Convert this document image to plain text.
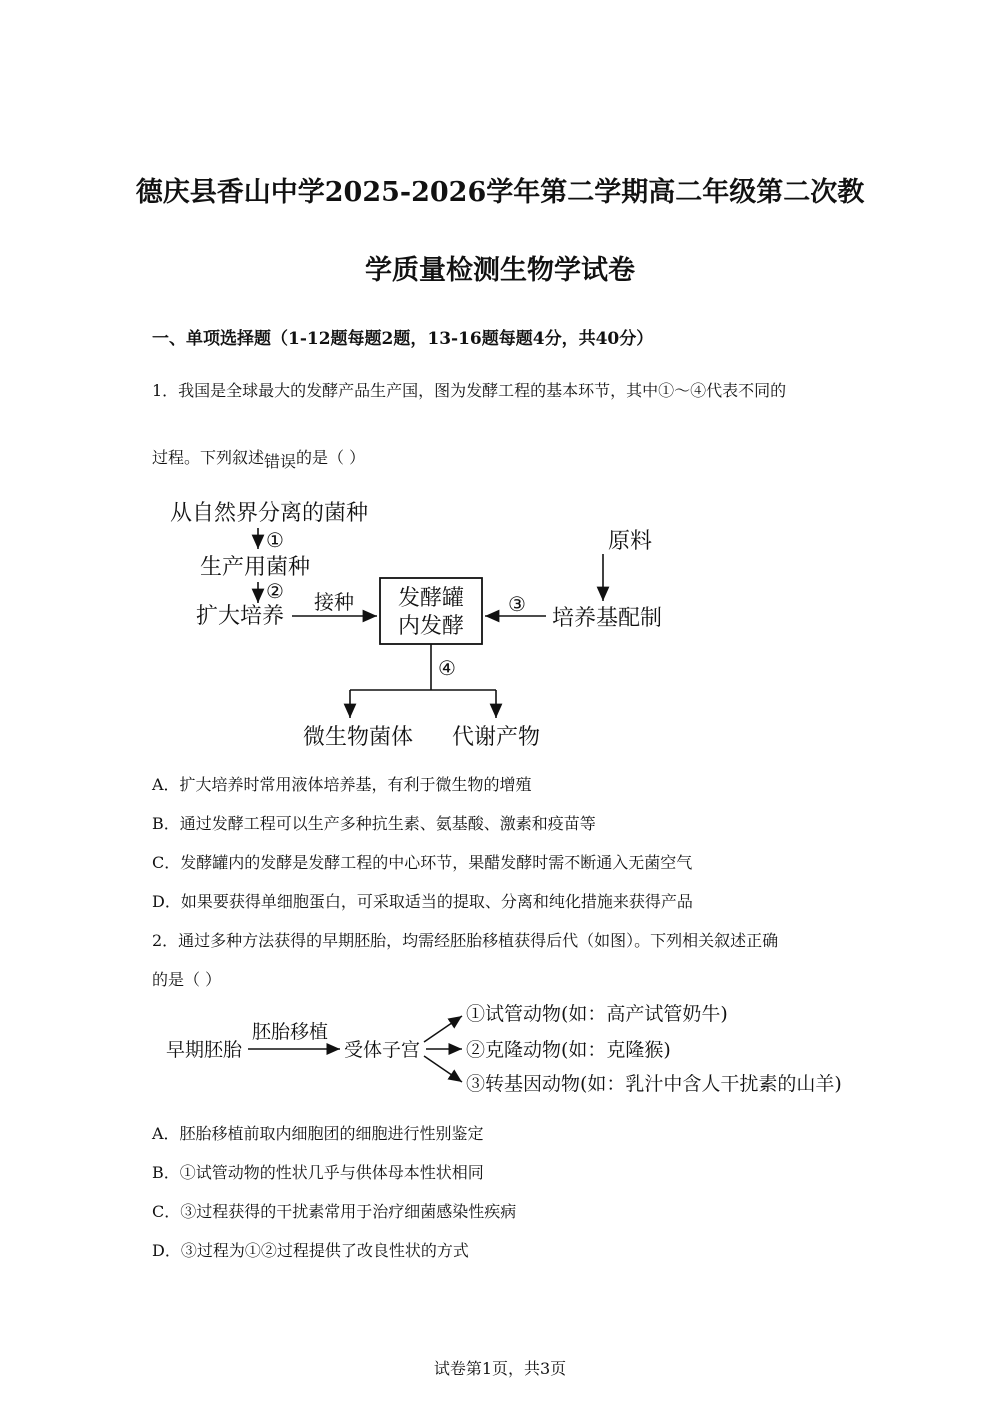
德庆县香山中学2025-2026学年第二学期高二年级第二次教
学质量检测生物学试卷
一、单项选择题（1-12题每题2题，13-16题每题4分，共40分）
1．我国是全球最大的发酵产品生产国，图为发酵工程的基本环节，其中①～④代表不同的
过程。下列叙述错误的是（ ）
从自然界分离的菌种
①
生产用菌种
②
扩大培养
接种 发酵罐
内发酵
原料
培养基配制
③
④
微生物菌体 代谢产物
A．扩大培养时常用液体培养基，有利于微生物的增殖
B．通过发酵工程可以生产多种抗生素、氨基酸、激素和疫苗等
C．发酵罐内的发酵是发酵工程的中心环节，果醋发酵时需不断通入无菌空气
D．如果要获得单细胞蛋白，可采取适当的提取、分离和纯化措施来获得产品
2．通过多种方法获得的早期胚胎，均需经胚胎移植获得后代（如图）。下列相关叙述正确
的是（ ）
早期胚胎
胚胎移植
受体子宫
①试管动物(如：高产试管奶牛)
②克隆动物(如：克隆猴)
③转基因动物(如：乳汁中含人干扰素的山羊)
A．胚胎移植前取内细胞团的细胞进行性别鉴定
B．①试管动物的性状几乎与供体母本性状相同
C．③过程获得的干扰素常用于治疗细菌感染性疾病
D．③过程为①②过程提供了改良性状的方式
试卷第1页，共3页
